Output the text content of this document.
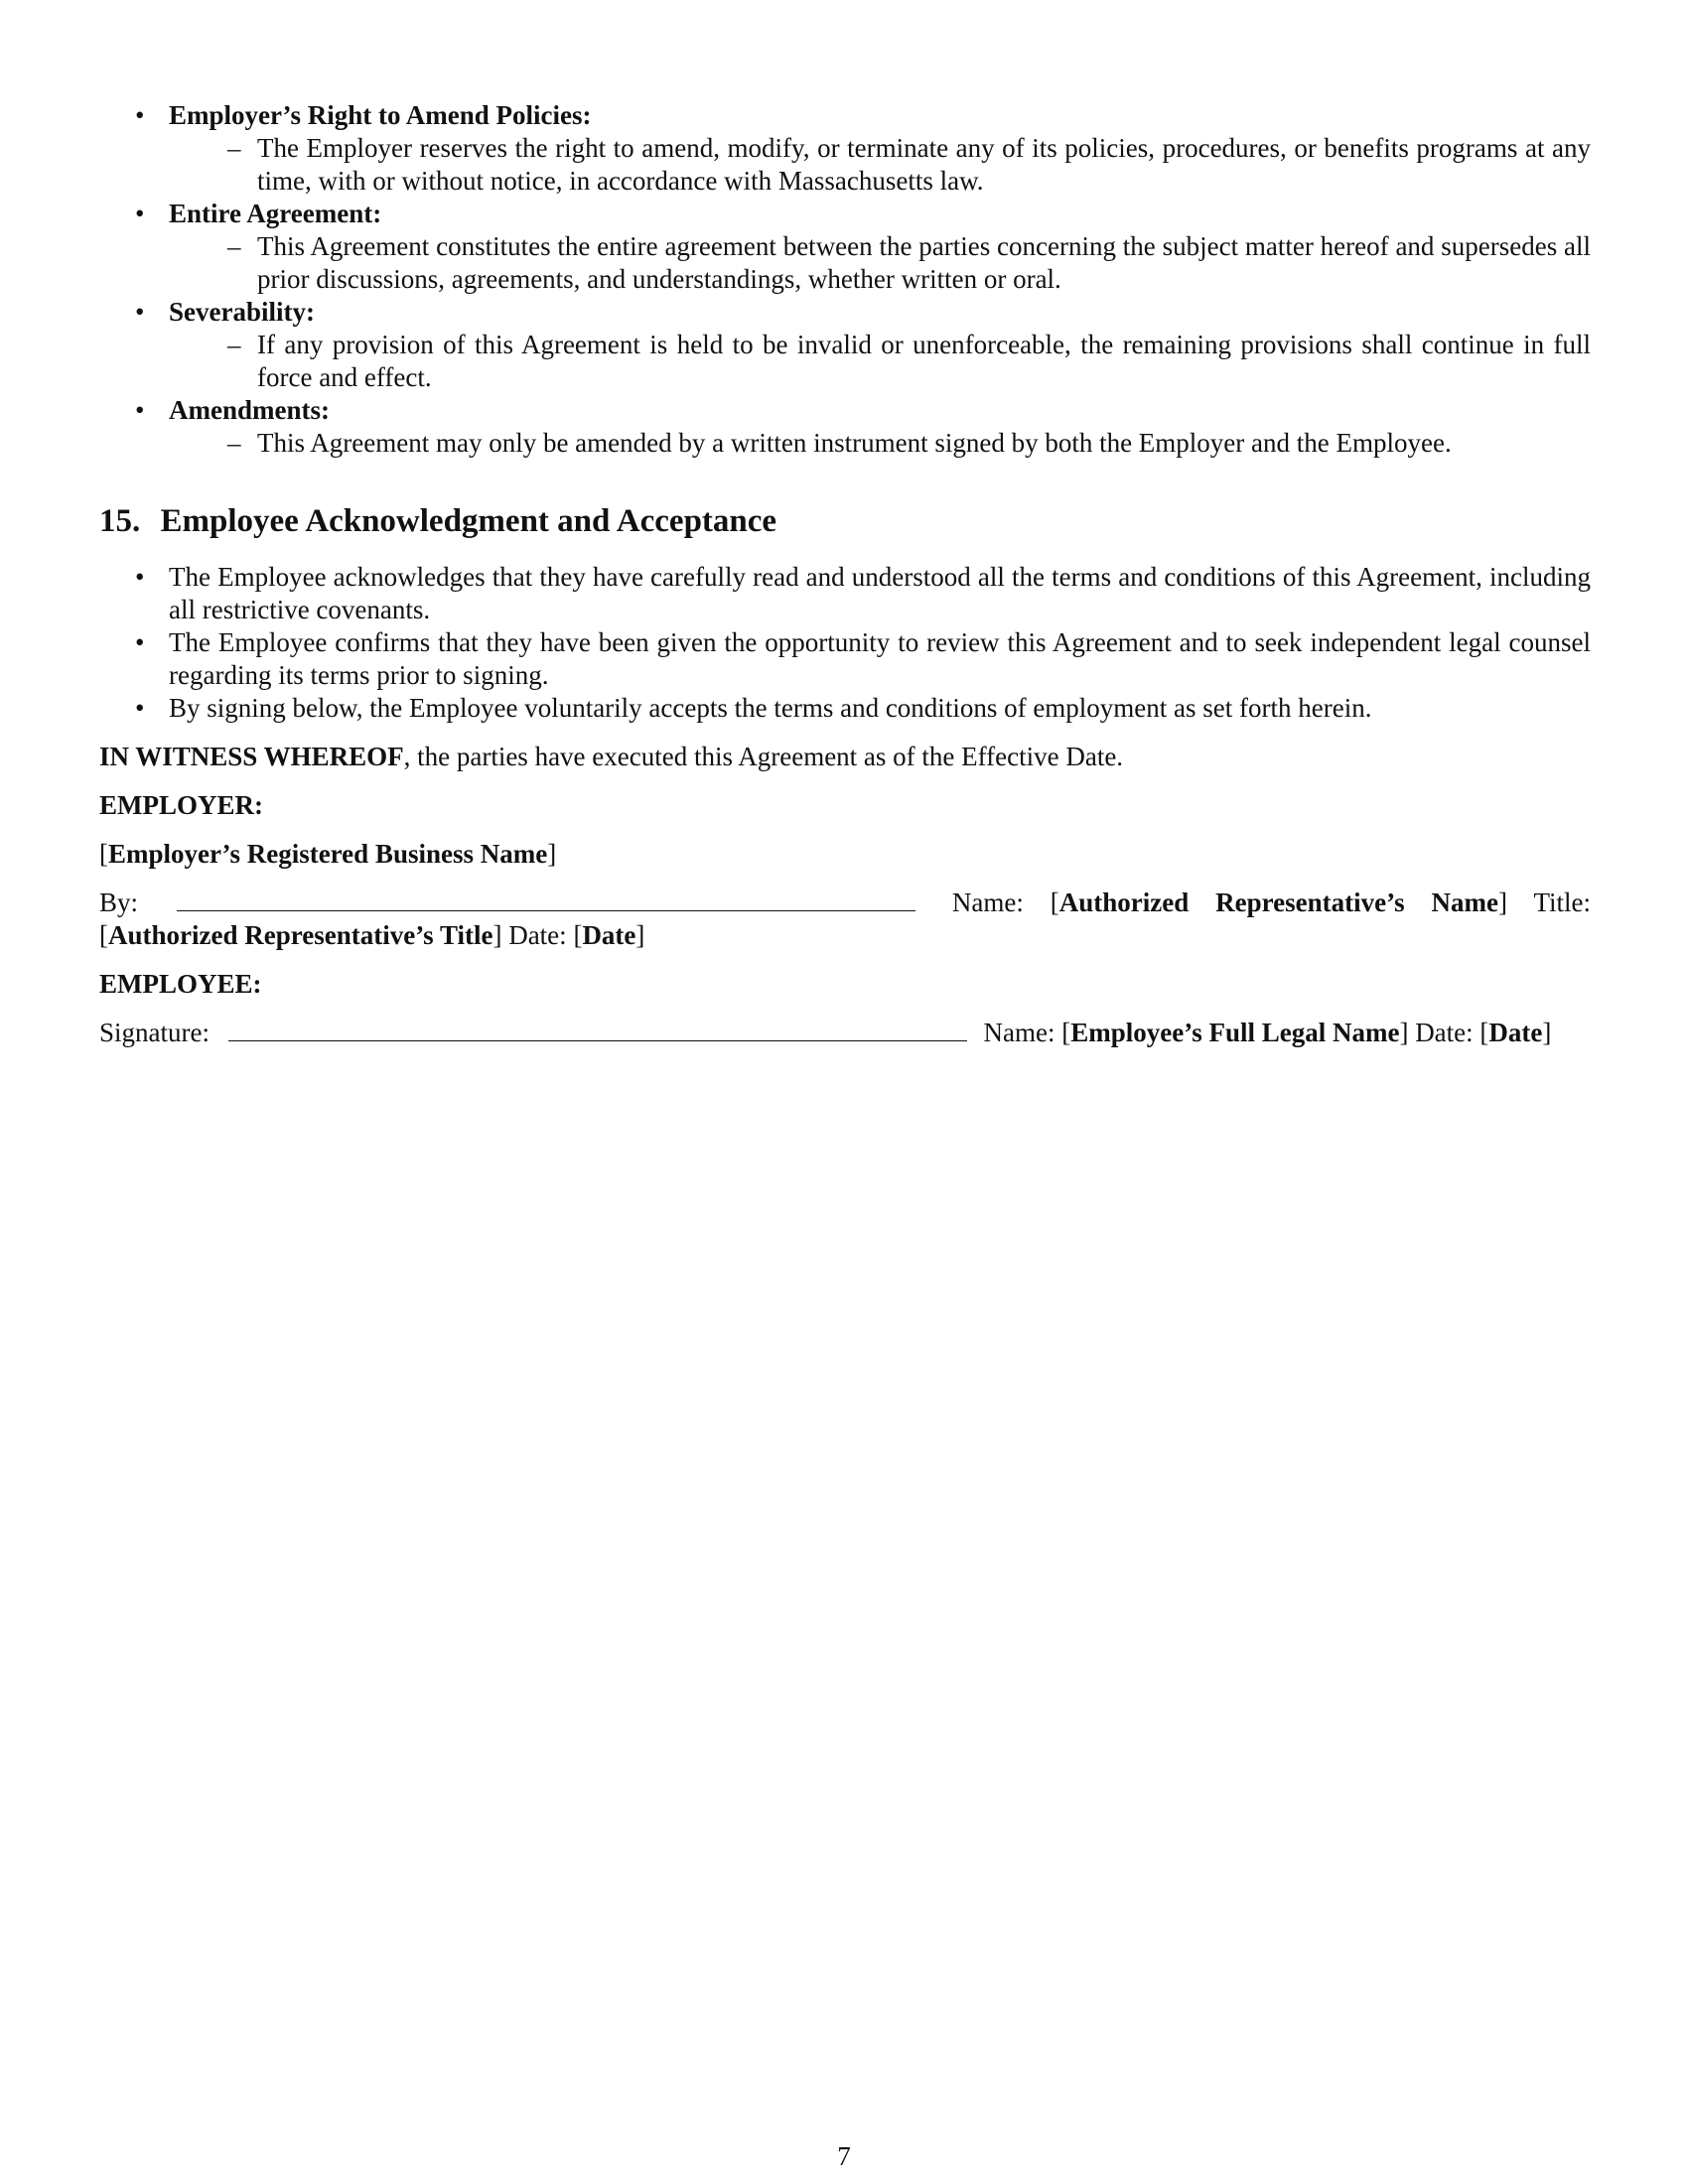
• Employer’s Right to Amend Policies:
– The Employer reserves the right to amend, modify, or terminate any of its policies, procedures, or benefits programs at any time, with or without notice, in accordance with Massachusetts law.
• Entire Agreement:
– This Agreement constitutes the entire agreement between the parties concerning the subject matter hereof and supersedes all prior discussions, agreements, and understandings, whether written or oral.
• Severability:
– If any provision of this Agreement is held to be invalid or unenforceable, the remaining provisions shall continue in full force and effect.
• Amendments:
– This Agreement may only be amended by a written instrument signed by both the Employer and the Employee.
15. Employee Acknowledgment and Acceptance
• The Employee acknowledges that they have carefully read and understood all the terms and conditions of this Agreement, including all restrictive covenants.
• The Employee confirms that they have been given the opportunity to review this Agreement and to seek independent legal counsel regarding its terms prior to signing.
• By signing below, the Employee voluntarily accepts the terms and conditions of employment as set forth herein.

IN WITNESS WHEREOF, the parties have executed this Agreement as of the Effective Date.

EMPLOYER:

[Employer’s Registered Business Name]

By:	Name: [Authorized Representative’s Name] Title: [Authorized Representative’s Title] Date: [Date]

EMPLOYEE:

Signature:	Name: [Employee’s Full Legal Name] Date: [Date]

7
